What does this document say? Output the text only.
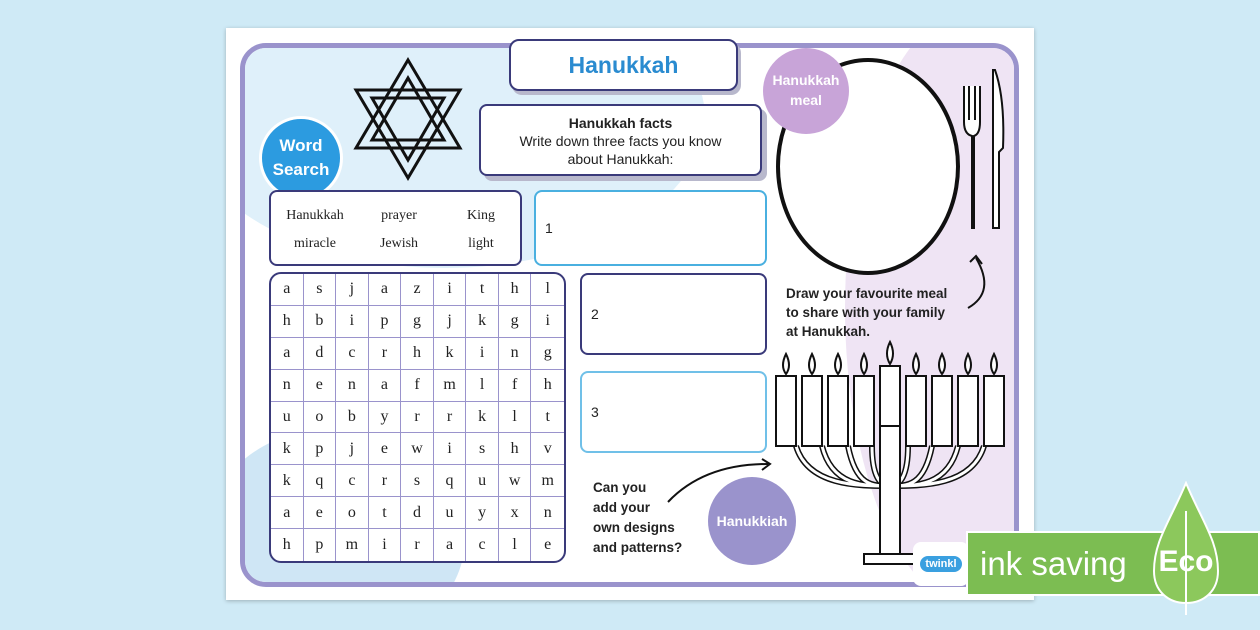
Hanukkah
Word
Search
Hanukkah facts
Write down three facts you know
about Hanukkah:
Hanukkah	prayer	King
miracle	Jewish	light
a	s	j	a	z	i	t	h	l
h	b	i	p	g	j	k	g	i
a	d	c	r	h	k	i	n	g
n	e	n	a	f	m	l	f	h
u	o	b	y	r	r	k	l	t
k	p	j	e	w	i	s	h	v
k	q	c	r	s	q	u	w	m
a	e	o	t	d	u	y	x	n
h	p	m	i	r	a	c	l	e
1
2
3
Hanukkah
meal
Draw your favourite meal
to share with your family
at Hanukkah.
Hanukkiah
Can you
add your
own designs
and patterns?
twinkl ink saving Eco
